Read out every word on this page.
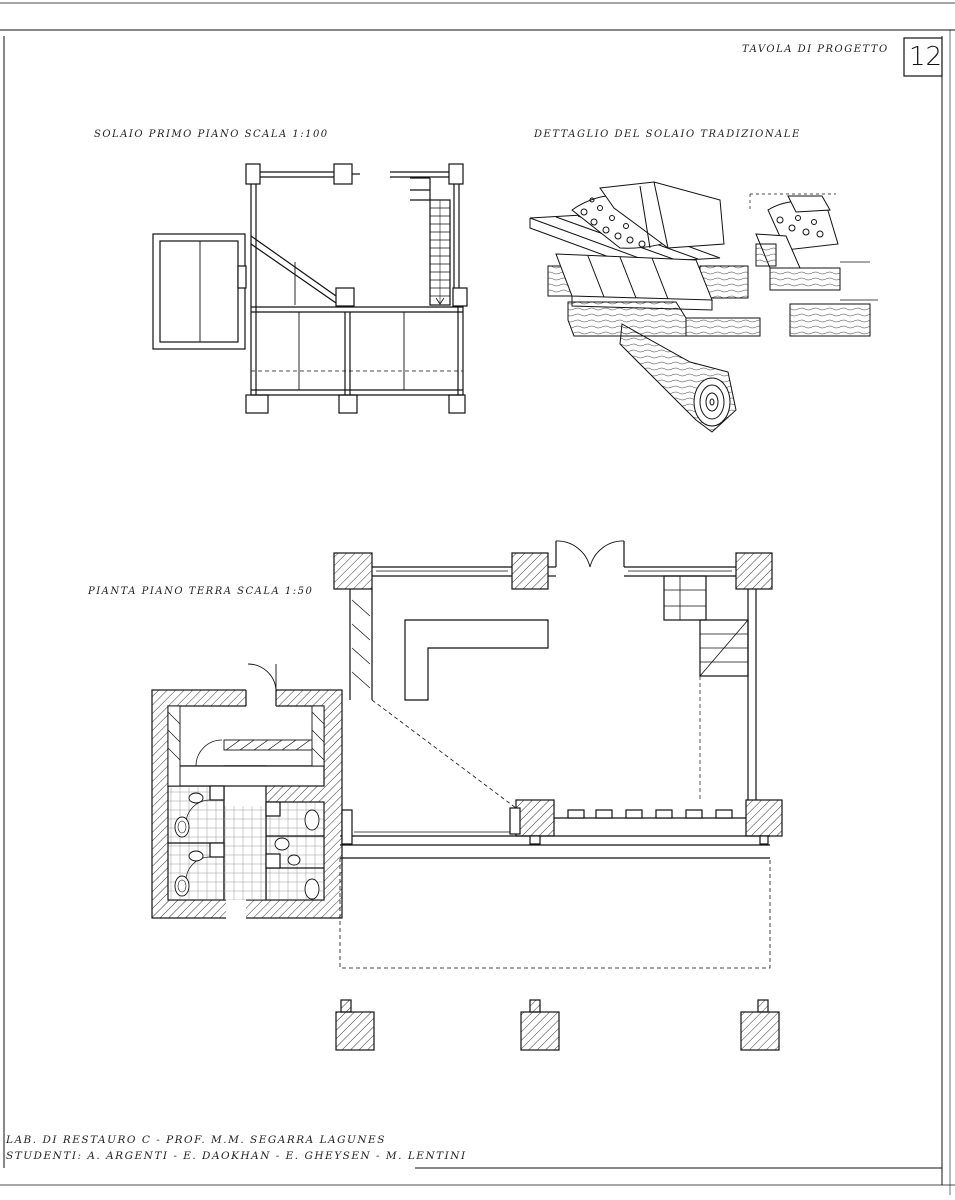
TAVOLA DI PROGETTO 12
SOLAIO PRIMO PIANO SCALA 1:100	DETTAGLIO DEL SOLAIO TRADIZIONALE
PIANTA PIANO TERRA SCALA 1:50
LAB. DI RESTAURO C - PROF. M.M. SEGARRA LAGUNES
STUDENTI: A. ARGENTI - E. DAOKHAN - E. GHEYSEN - M. LENTINI
